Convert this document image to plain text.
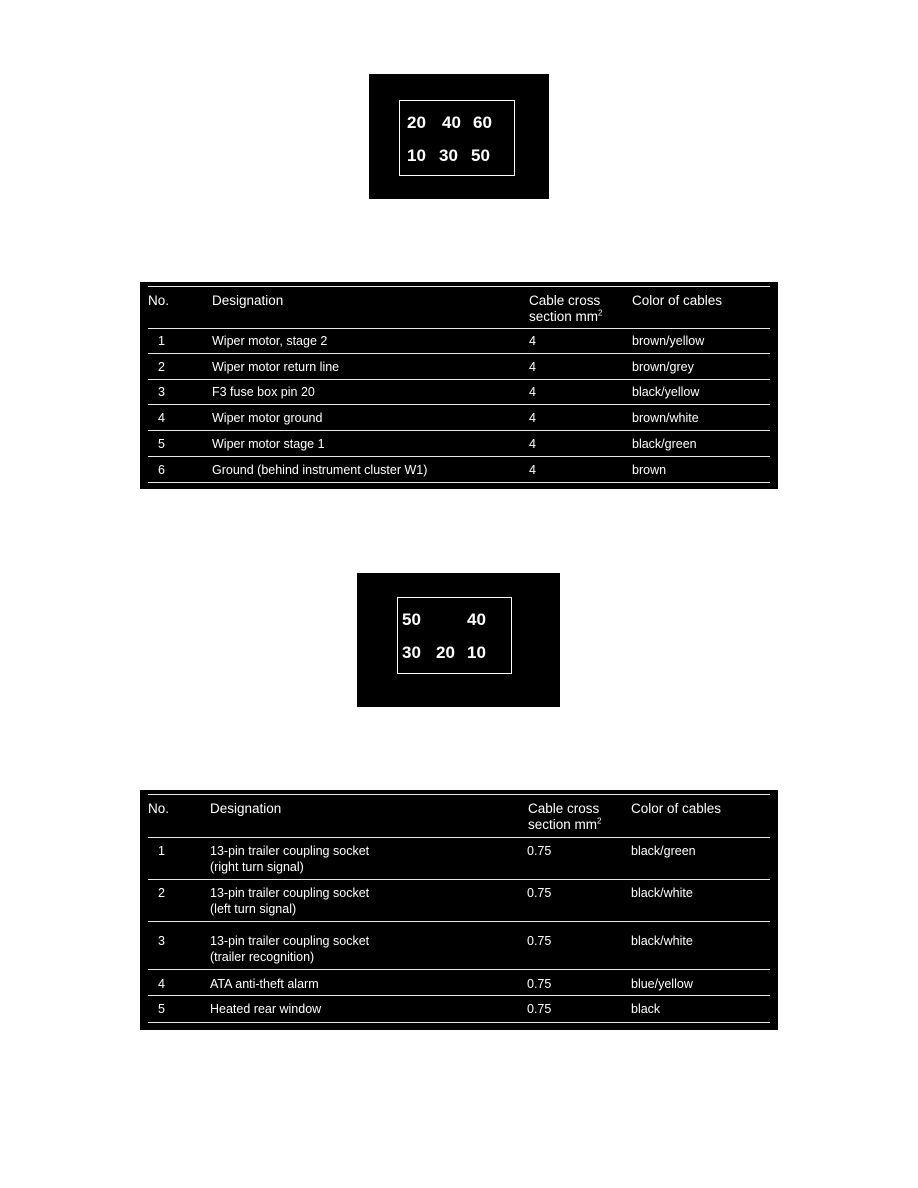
20 40 60
10 30 50
No.	Designation	Cable cross
section $mm^2$
Color of cables
1	Wiper motor, stage 2	4	brown/yellow
2	Wiper motor return line	4	brown/grey
3	F3 fuse box pin 20	4	black/yellow
4	Wiper motor ground	4	brown/white
5	Wiper motor stage 1	4	black/green
6	Ground (behind instrument cluster W1)	4	brown
50	40
30 20 10
No.	Designation	Cable cross
section $mm^2$
Color of cables
1	13-pin trailer coupling socket
(right turn signal)
0.75	black/green
2	13-pin trailer coupling socket
(left turn signal)
0.75	black/white
3	13-pin trailer coupling socket
(trailer recognition)
0.75	black/white
4	ATA anti-theft alarm	0.75	blue/yellow
5	Heated rear window	0.75	black
